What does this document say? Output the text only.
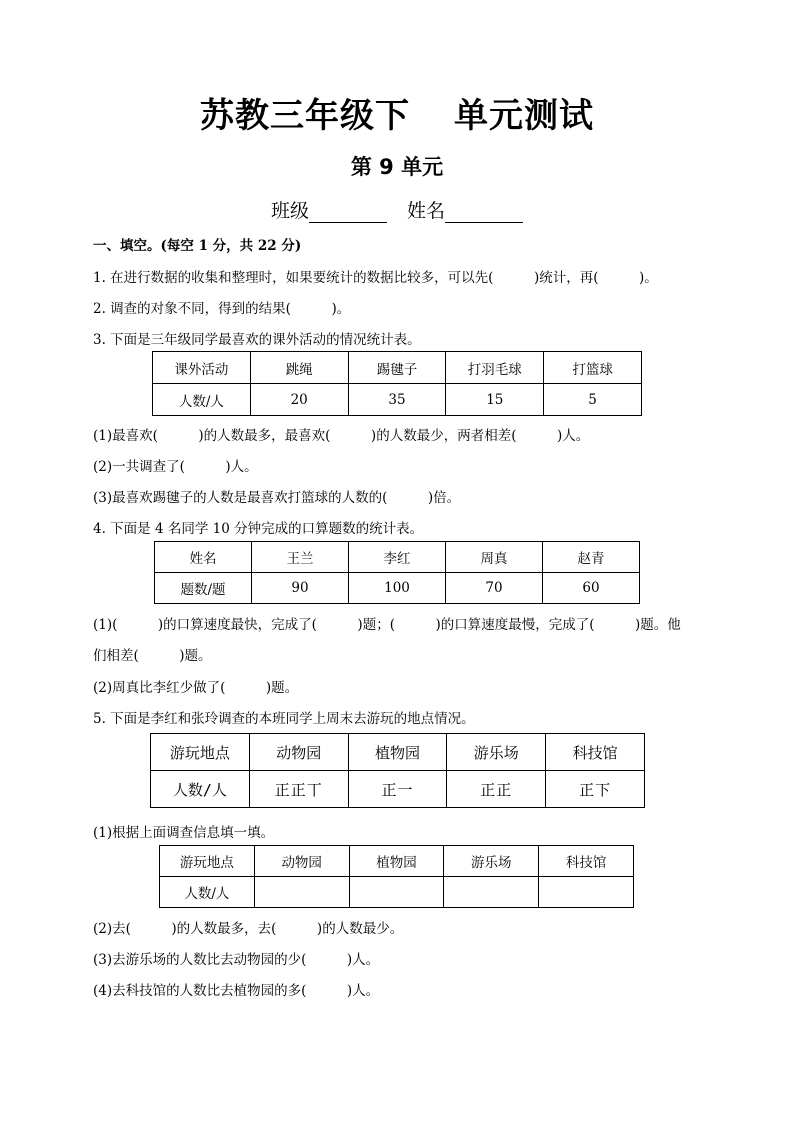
苏教三年级下 单元测试
第 9 单元
班级	姓名
一、填空。(每空 1 分，共 22 分)
1. 在进行数据的收集和整理时，如果要统计的数据比较多，可以先(　　　)统计，再(　　　)。
2. 调查的对象不同，得到的结果(　　　)。
3. 下面是三年级同学最喜欢的课外活动的情况统计表。
课外活动	跳绳	踢毽子	打羽毛球	打篮球
人数/人	20	35	15	5
(1)最喜欢(　　　)的人数最多，最喜欢(　　　)的人数最少，两者相差(　　　)人。
(2)一共调查了(　　　)人。
(3)最喜欢踢毽子的人数是最喜欢打篮球的人数的(　　　)倍。
4. 下面是 4 名同学 10 分钟完成的口算题数的统计表。
姓名	王兰	李红	周真	赵青
题数/题	90	100	70	60
(1)(　　　)的口算速度最快，完成了(　　　)题；(　　　)的口算速度最慢，完成了(　　　)题。他
们相差(　　　)题。
(2)周真比李红少做了(　　　)题。
5. 下面是李红和张玲调查的本班同学上周末去游玩的地点情况。
游玩地点	动物园	植物园	游乐场	科技馆
人数/人	正正丅	正一	正正	正下
(1)根据上面调查信息填一填。
游玩地点	动物园	植物园	游乐场	科技馆
人数/人				
(2)去(　　　)的人数最多，去(　　　)的人数最少。
(3)去游乐场的人数比去动物园的少(　　　)人。
(4)去科技馆的人数比去植物园的多(　　　)人。
